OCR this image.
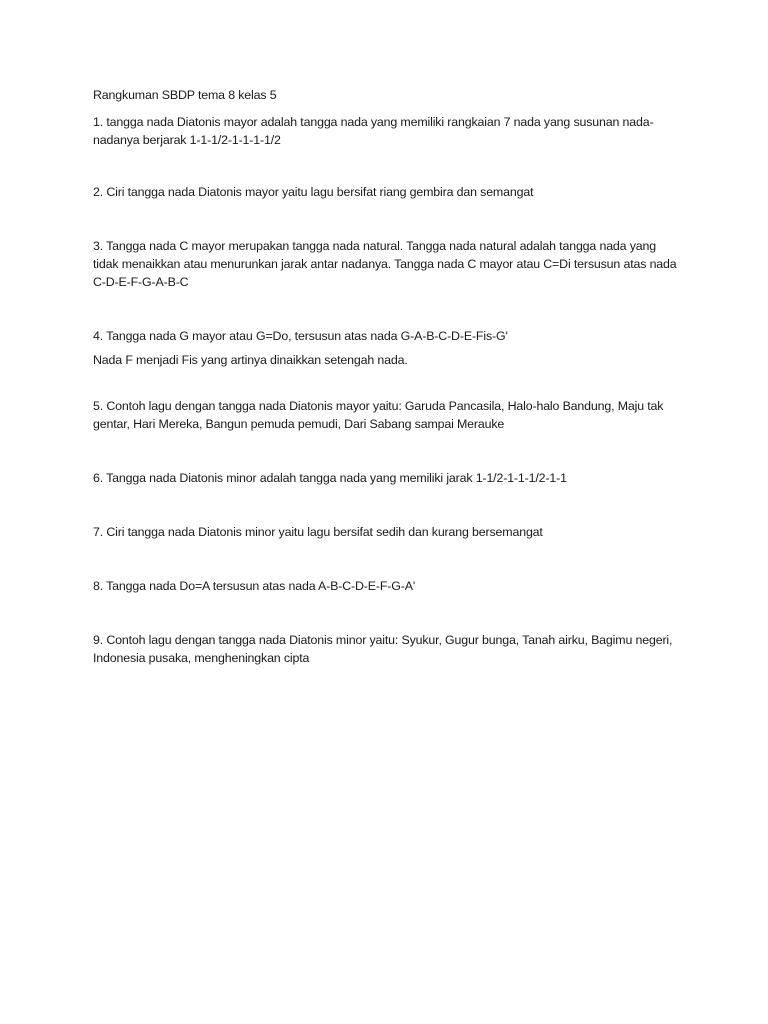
Rangkuman SBDP tema 8 kelas 5

1. tangga nada Diatonis mayor adalah tangga nada yang memiliki rangkaian 7 nada yang susunan nada-nadanya berjarak 1-1-1/2-1-1-1-1/2

2. Ciri tangga nada Diatonis mayor yaitu lagu bersifat riang gembira dan semangat

3. Tangga nada C mayor merupakan tangga nada natural. Tangga nada natural adalah tangga nada yang tidak menaikkan atau menurunkan jarak antar nadanya. Tangga nada C mayor atau C=Di tersusun atas nada C-D-E-F-G-A-B-C

4. Tangga nada G mayor atau G=Do, tersusun atas nada G-A-B-C-D-E-Fis-G'

Nada F menjadi Fis yang artinya dinaikkan setengah nada.

5. Contoh lagu dengan tangga nada Diatonis mayor yaitu: Garuda Pancasila, Halo-halo Bandung, Maju tak gentar, Hari Mereka, Bangun pemuda pemudi, Dari Sabang sampai Merauke

6. Tangga nada Diatonis minor adalah tangga nada yang memiliki jarak 1-1/2-1-1-1/2-1-1

7. Ciri tangga nada Diatonis minor yaitu lagu bersifat sedih dan kurang bersemangat

8. Tangga nada Do=A tersusun atas nada A-B-C-D-E-F-G-A'

9. Contoh lagu dengan tangga nada Diatonis minor yaitu: Syukur, Gugur bunga, Tanah airku, Bagimu negeri, Indonesia pusaka, mengheningkan cipta
